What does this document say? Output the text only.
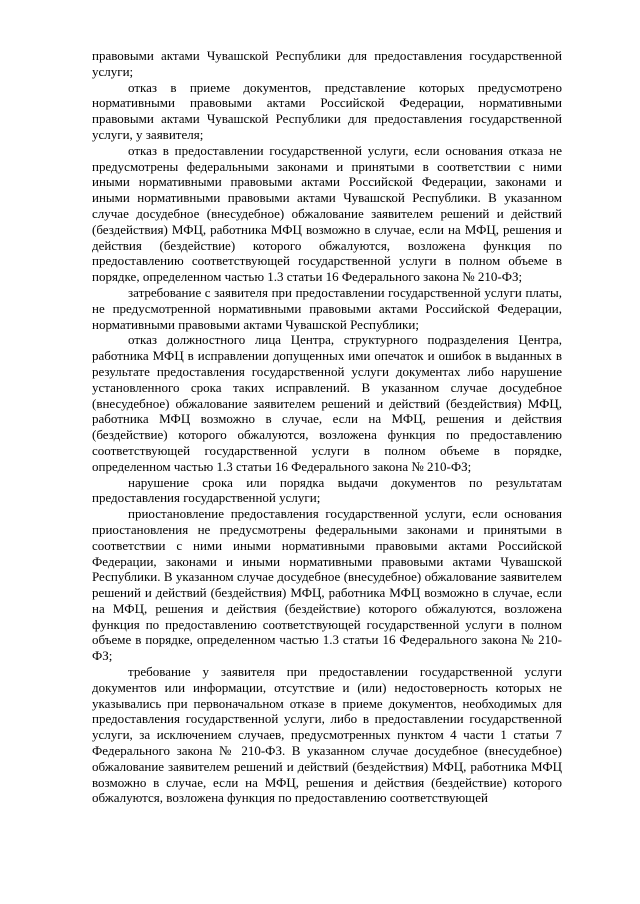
правовыми актами Чувашской Республики для предоставления государственной услуги;

отказ в приеме документов, представление которых предусмотрено нормативными правовыми актами Российской Федерации, нормативными правовыми актами Чувашской Республики для предоставления государственной услуги, у заявителя;

отказ в предоставлении государственной услуги, если основания отказа не предусмотрены федеральными законами и принятыми в соответствии с ними иными нормативными правовыми актами Российской Федерации, законами и иными нормативными правовыми актами Чувашской Республики. В указанном случае досудебное (внесудебное) обжалование заявителем решений и действий (бездействия) МФЦ, работника МФЦ возможно в случае, если на МФЦ, решения и действия (бездействие) которого обжалуются, возложена функция по предоставлению соответствующей государственной услуги в полном объеме в порядке, определенном частью 1.3 статьи 16 Федерального закона № 210-ФЗ;

затребование с заявителя при предоставлении государственной услуги платы, не предусмотренной нормативными правовыми актами Российской Федерации, нормативными правовыми актами Чувашской Республики;

отказ должностного лица Центра, структурного подразделения Центра, работника МФЦ в исправлении допущенных ими опечаток и ошибок в выданных в результате предоставления государственной услуги документах либо нарушение установленного срока таких исправлений. В указанном случае досудебное (внесудебное) обжалование заявителем решений и действий (бездействия) МФЦ, работника МФЦ возможно в случае, если на МФЦ, решения и действия (бездействие) которого обжалуются, возложена функция по предоставлению соответствующей государственной услуги в полном объеме в порядке, определенном частью 1.3 статьи 16 Федерального закона № 210-ФЗ;

нарушение срока или порядка выдачи документов по результатам предоставления государственной услуги;

приостановление предоставления государственной услуги, если основания приостановления не предусмотрены федеральными законами и принятыми в соответствии с ними иными нормативными правовыми актами Российской Федерации, законами и иными нормативными правовыми актами Чувашской Республики. В указанном случае досудебное (внесудебное) обжалование заявителем решений и действий (бездействия) МФЦ, работника МФЦ возможно в случае, если на МФЦ, решения и действия (бездействие) которого обжалуются, возложена функция по предоставлению соответствующей государственной услуги в полном объеме в порядке, определенном частью 1.3 статьи 16 Федерального закона № 210-ФЗ;

требование у заявителя при предоставлении государственной услуги документов или информации, отсутствие и (или) недостоверность которых не указывались при первоначальном отказе в приеме документов, необходимых для предоставления государственной услуги, либо в предоставлении государственной услуги, за исключением случаев, предусмотренных пунктом 4 части 1 статьи 7 Федерального закона № 210-ФЗ. В указанном случае досудебное (внесудебное) обжалование заявителем решений и действий (бездействия) МФЦ, работника МФЦ возможно в случае, если на МФЦ, решения и действия (бездействие) которого обжалуются, возложена функция по предоставлению соответствующей
